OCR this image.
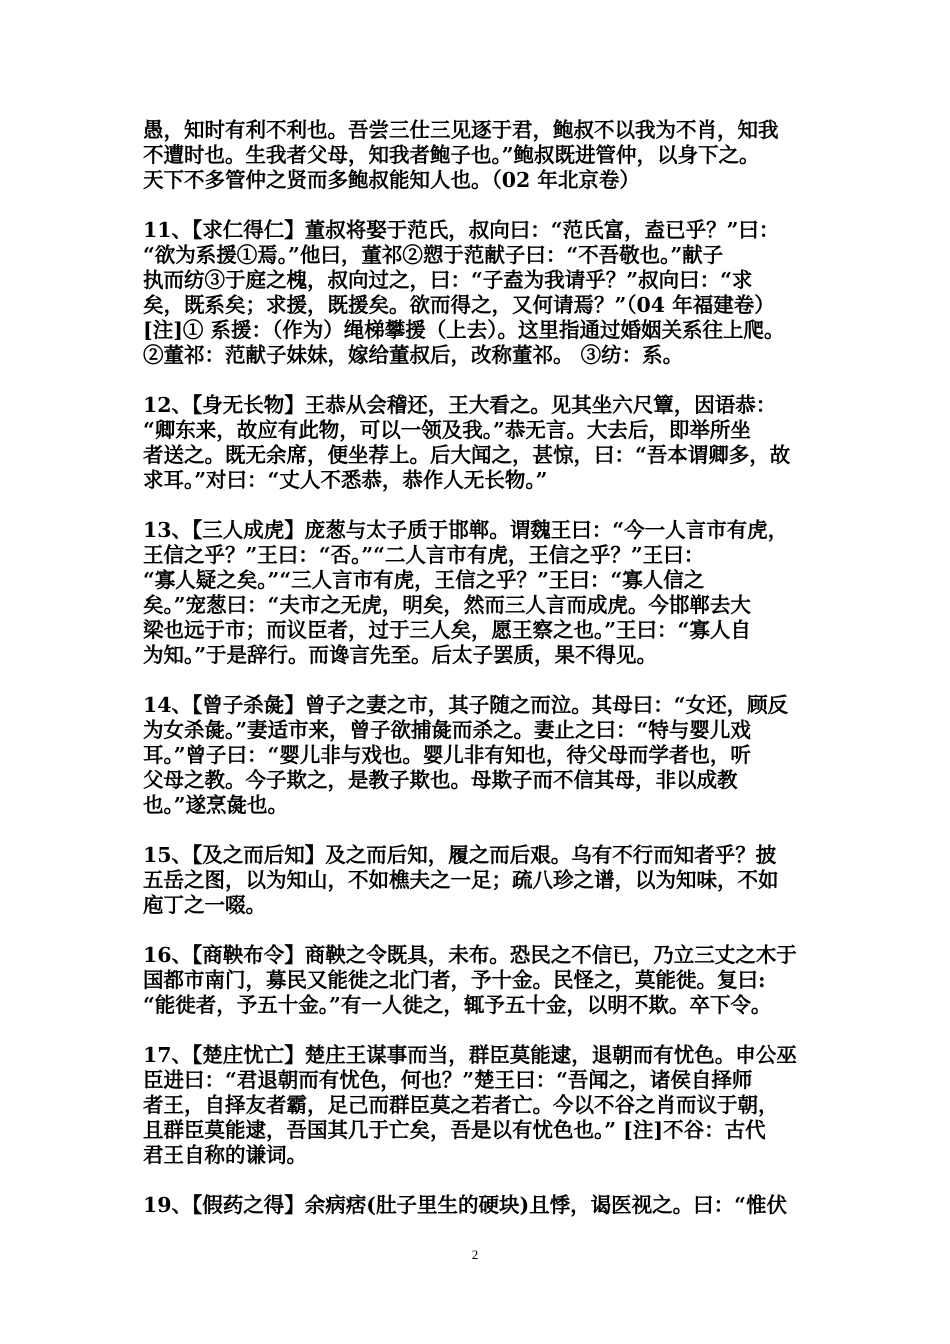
愚，知时有利不利也。吾尝三仕三见逐于君，鲍叔不以我为不肖，知我
不遭时也。生我者父母，知我者鲍子也。”鲍叔既进管仲，以身下之。
天下不多管仲之贤而多鲍叔能知人也。（02 年北京卷）

11、【求仁得仁】董叔将娶于范氏，叔向曰：“范氏富，盍已乎？”曰：
“欲为系援①焉。”他曰，董祁②愬于范献子曰：“不吾敬也。”献子
执而纺③于庭之槐，叔向过之，曰：“子盍为我请乎？”叔向曰：“求
矣，既系矣；求援，既援矣。欲而得之，又何请焉？”（04 年福建卷）
[注]① 系援：（作为）绳梯攀援（上去）。这里指通过婚姻关系往上爬。
②董祁：范献子妹妹，嫁给董叔后，改称董祁。 ③纺：系。

12、【身无长物】王恭从会稽还，王大看之。见其坐六尺簟，因语恭：
“卿东来，故应有此物，可以一领及我。”恭无言。大去后，即举所坐
者送之。既无余席，便坐荐上。后大闻之，甚惊，曰：“吾本谓卿多，故
求耳。”对曰：“丈人不悉恭，恭作人无长物。”

13、【三人成虎】庞葱与太子质于邯郸。谓魏王曰：“今一人言市有虎，
王信之乎？”王曰：“否。”“二人言市有虎，王信之乎？”王曰：
“寡人疑之矣。”“三人言市有虎，王信之乎？”王曰：“寡人信之
矣。”宠葱曰：“夫市之无虎，明矣，然而三人言而成虎。今邯郸去大
梁也远于市；而议臣者，过于三人矣，愿王察之也。”王曰：“寡人自
为知。”于是辞行。而谗言先至。后太子罢质，果不得见。

14、【曾子杀彘】曾子之妻之市，其子随之而泣。其母曰：“女还，顾反
为女杀彘。”妻适市来，曾子欲捕彘而杀之。妻止之曰：“特与婴儿戏
耳。”曾子曰：“婴儿非与戏也。婴儿非有知也，待父母而学者也，听
父母之教。今子欺之，是教子欺也。母欺子而不信其母，非以成教
也。”遂烹彘也。

15、【及之而后知】及之而后知，履之而后艰。乌有不行而知者乎？披
五岳之图，以为知山，不如樵夫之一足；疏八珍之谱，以为知味，不如
庖丁之一啜。

16、【商鞅布令】商鞅之令既具，未布。恐民之不信已，乃立三丈之木于
国都市南门，募民又能徙之北门者，予十金。民怪之，莫能徙。复曰:
“能徙者，予五十金。”有一人徙之，辄予五十金，以明不欺。卒下令。

17、【楚庄忧亡】楚庄王谋事而当，群臣莫能逮，退朝而有忧色。申公巫
臣进曰：“君退朝而有忧色，何也？”楚王曰：“吾闻之，诸侯自择师
者王，自择友者霸，足己而群臣莫之若者亡。今以不谷之肖而议于朝，
且群臣莫能逮，吾国其几于亡矣，吾是以有忧色也。” [注]不谷：古代
君王自称的谦词。

19、【假药之得】余病痞(肚子里生的硬块)且悸，谒医视之。曰：“惟伏

2
